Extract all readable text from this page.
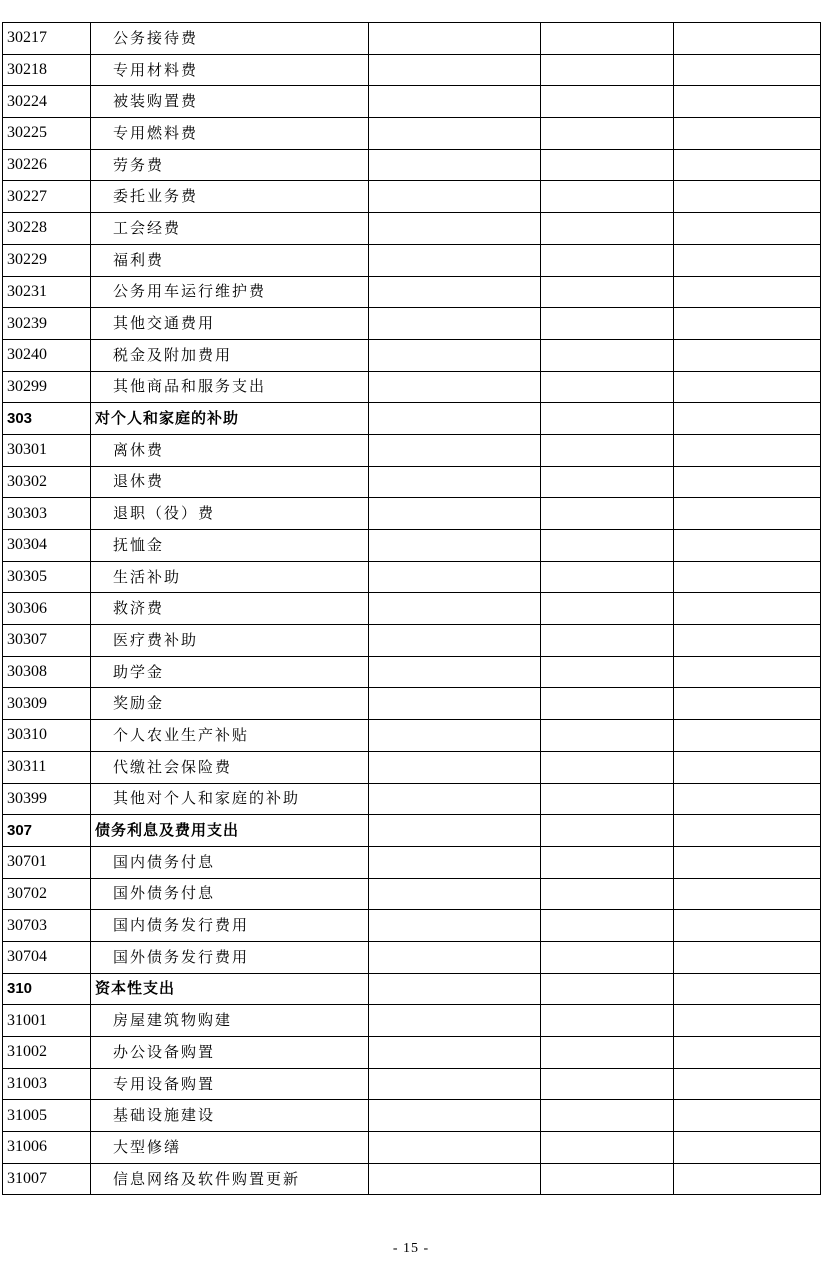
30217	公务接待费			
30218	专用材料费			
30224	被装购置费			
30225	专用燃料费			
30226	劳务费			
30227	委托业务费			
30228	工会经费			
30229	福利费			
30231	公务用车运行维护费			
30239	其他交通费用			
30240	税金及附加费用			
30299	其他商品和服务支出			
303	对个人和家庭的补助			
30301	离休费			
30302	退休费			
30303	退职（役）费			
30304	抚恤金			
30305	生活补助			
30306	救济费			
30307	医疗费补助			
30308	助学金			
30309	奖励金			
30310	个人农业生产补贴			
30311	代缴社会保险费			
30399	其他对个人和家庭的补助			
307	债务利息及费用支出			
30701	国内债务付息			
30702	国外债务付息			
30703	国内债务发行费用			
30704	国外债务发行费用			
310	资本性支出			
31001	房屋建筑物购建			
31002	办公设备购置			
31003	专用设备购置			
31005	基础设施建设			
31006	大型修缮			
31007	信息网络及软件购置更新			
- 15 -
